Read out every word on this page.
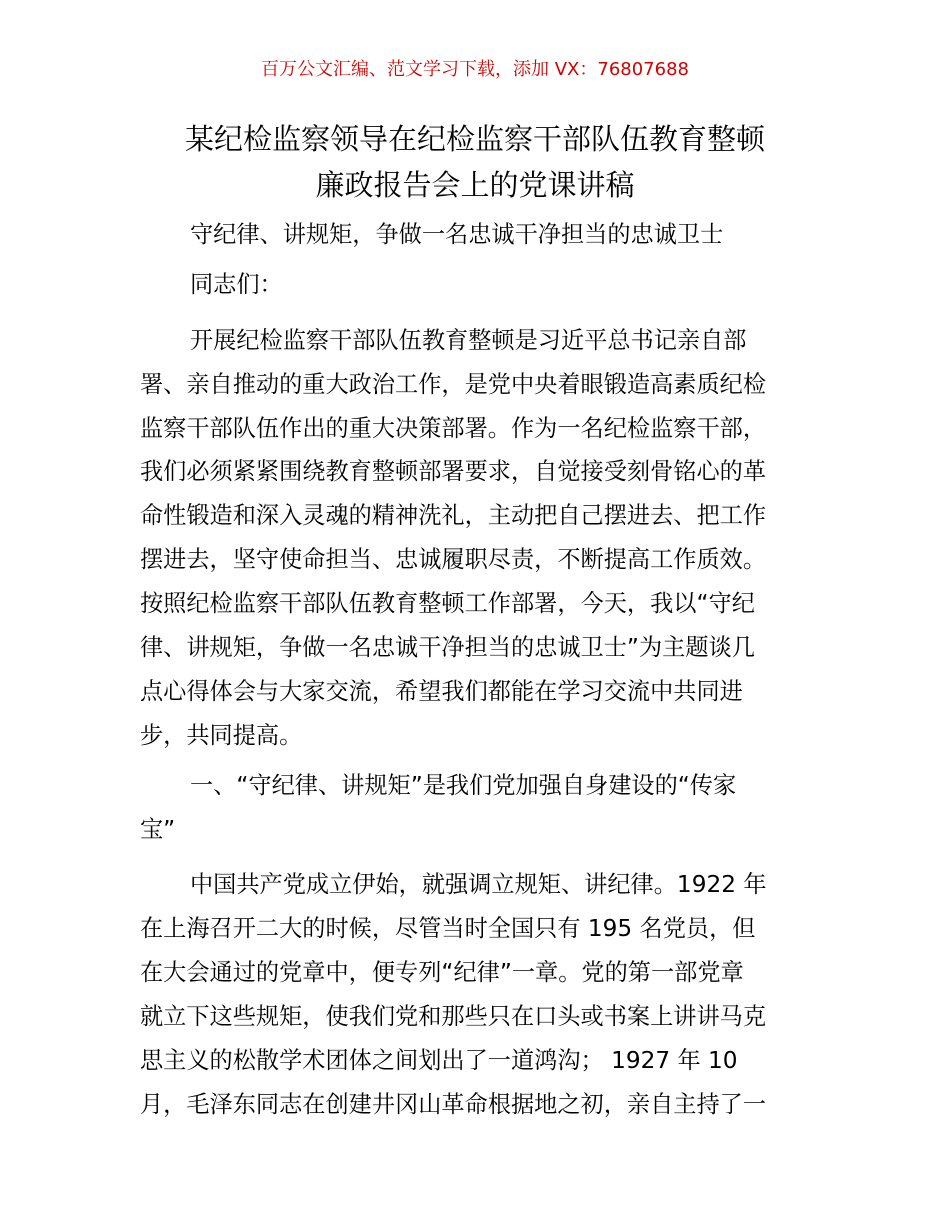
百万公文汇编、范文学习下载，添加 VX：76807688
某纪检监察领导在纪检监察干部队伍教育整顿
廉政报告会上的党课讲稿
守纪律、讲规矩，争做一名忠诚干净担当的忠诚卫士
同志们：
开展纪检监察干部队伍教育整顿是习近平总书记亲自部
署、亲自推动的重大政治工作，是党中央着眼锻造高素质纪检
监察干部队伍作出的重大决策部署。作为一名纪检监察干部，
我们必须紧紧围绕教育整顿部署要求，自觉接受刻骨铭心的革
命性锻造和深入灵魂的精神洗礼，主动把自己摆进去、把工作
摆进去，坚守使命担当、忠诚履职尽责，不断提高工作质效。
按照纪检监察干部队伍教育整顿工作部署，今天，我以“守纪
律、讲规矩，争做一名忠诚干净担当的忠诚卫士”为主题谈几
点心得体会与大家交流，希望我们都能在学习交流中共同进
步，共同提高。
一、“守纪律、讲规矩”是我们党加强自身建设的“传家
宝”
中国共产党成立伊始，就强调立规矩、讲纪律。1922 年
在上海召开二大的时候，尽管当时全国只有 195 名党员，但
在大会通过的党章中，便专列“纪律”一章。党的第一部党章
就立下这些规矩，使我们党和那些只在口头或书案上讲讲马克
思主义的松散学术团体之间划出了一道鸿沟； 1927 年 10
月，毛泽东同志在创建井冈山革命根据地之初，亲自主持了一
